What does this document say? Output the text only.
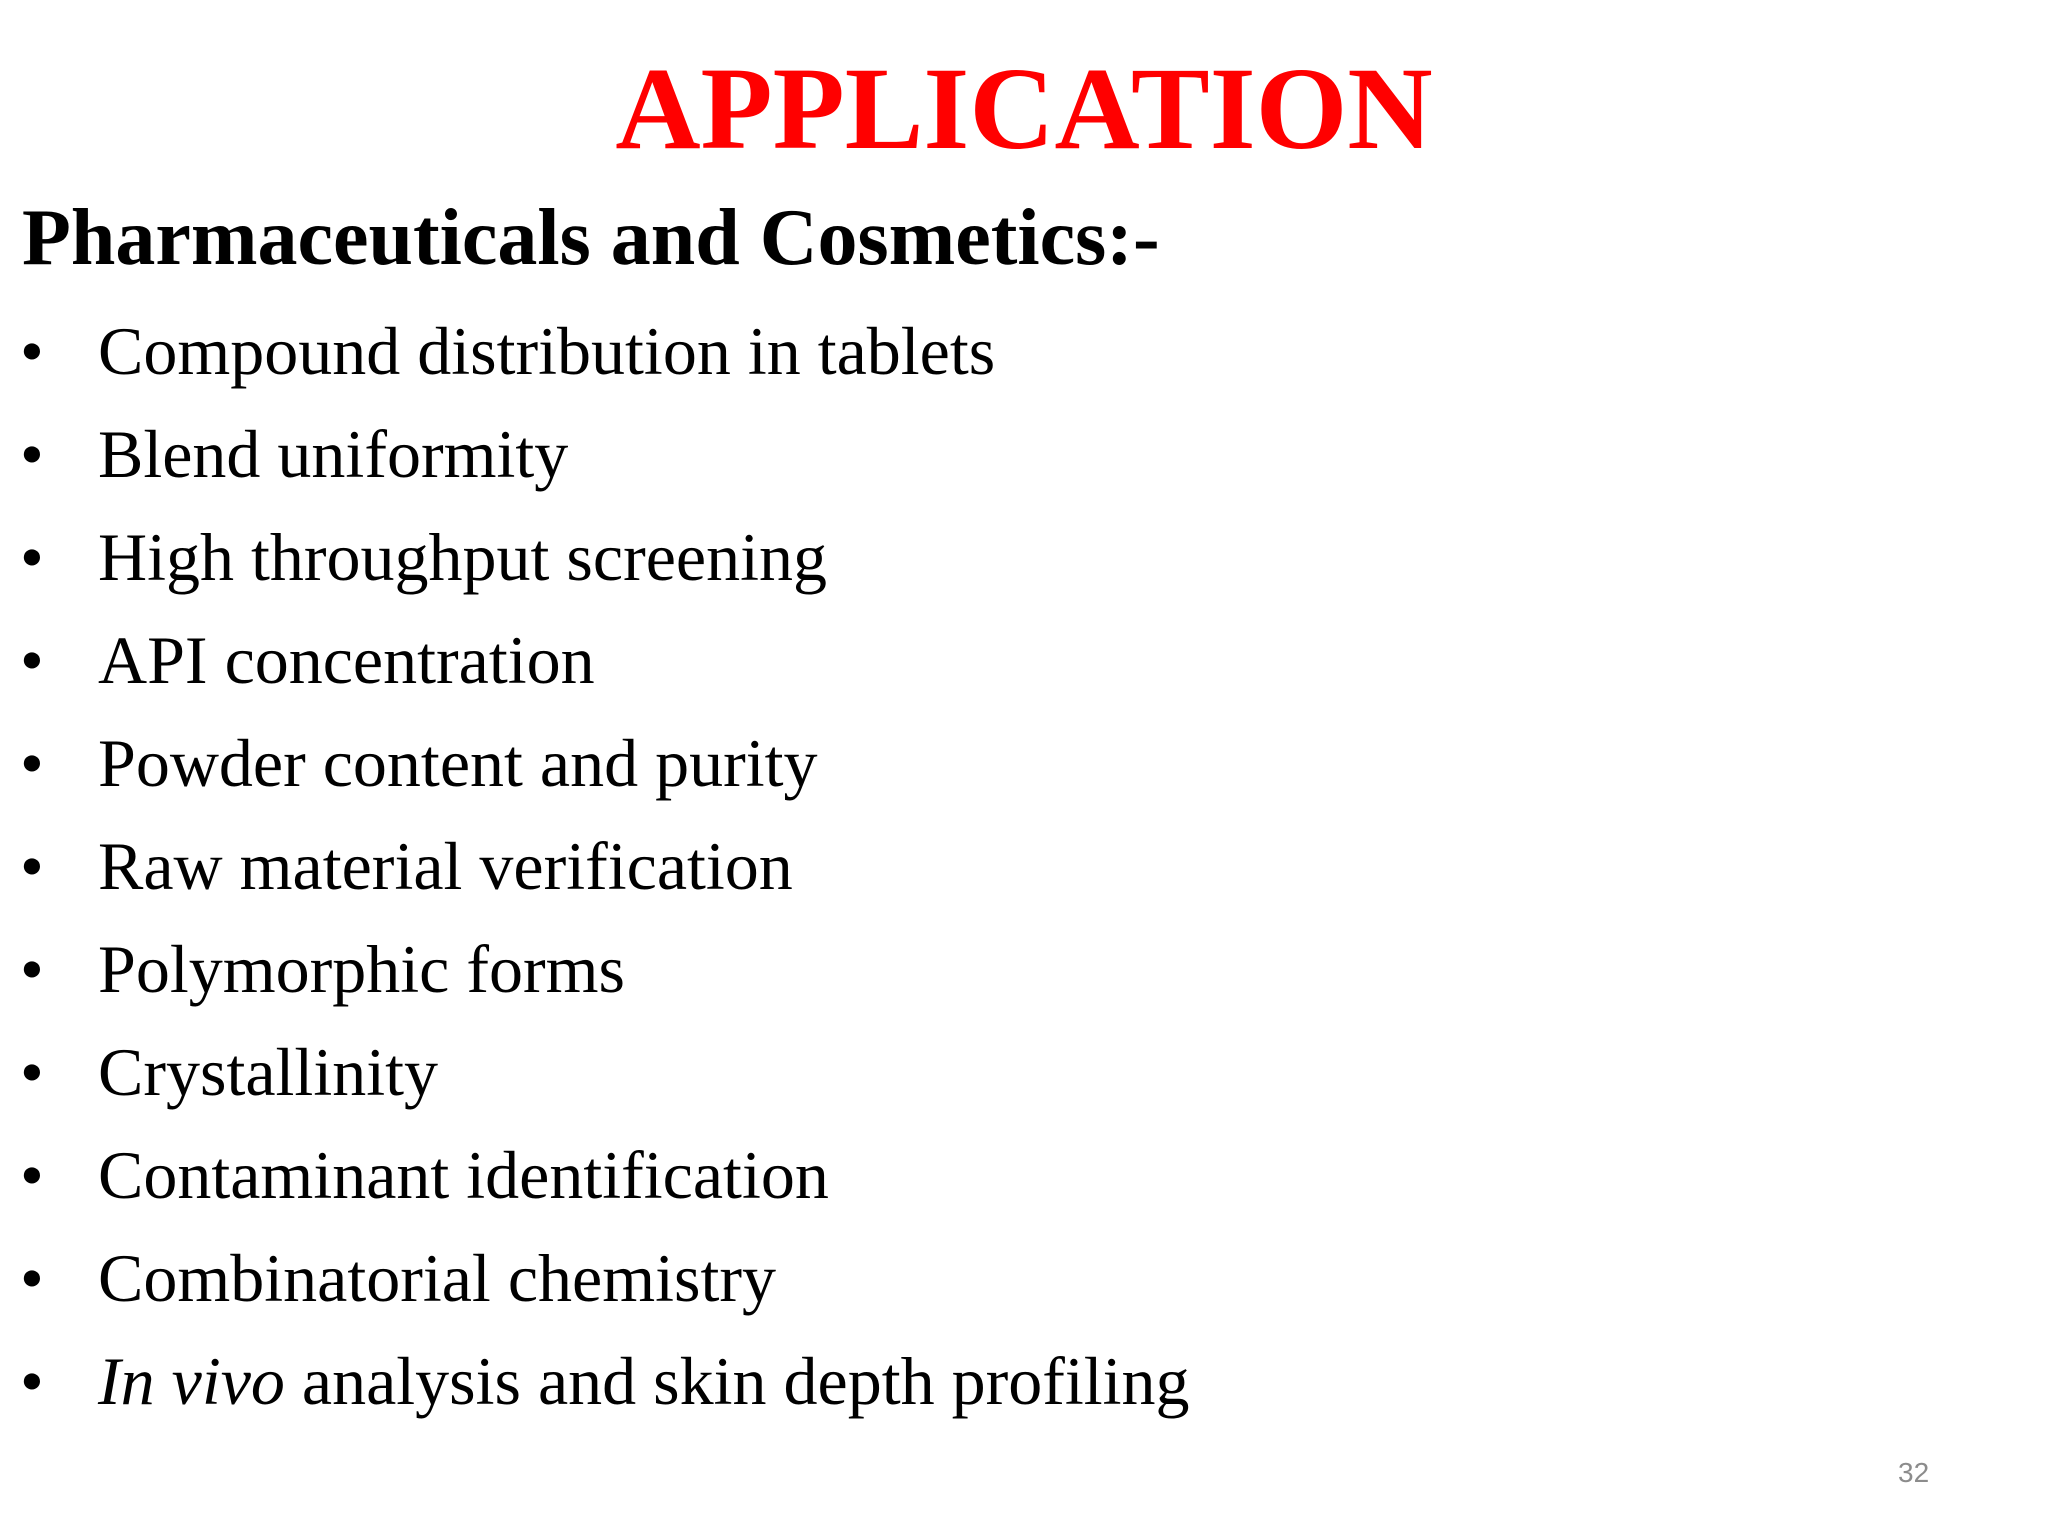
APPLICATION
Pharmaceuticals and Cosmetics:-
• Compound distribution in tablets
• Blend uniformity
• High throughput screening
• API concentration
• Powder content and purity
• Raw material verification
• Polymorphic forms
• Crystallinity
• Contaminant identification
• Combinatorial chemistry
• In vivo analysis and skin depth profiling
32
